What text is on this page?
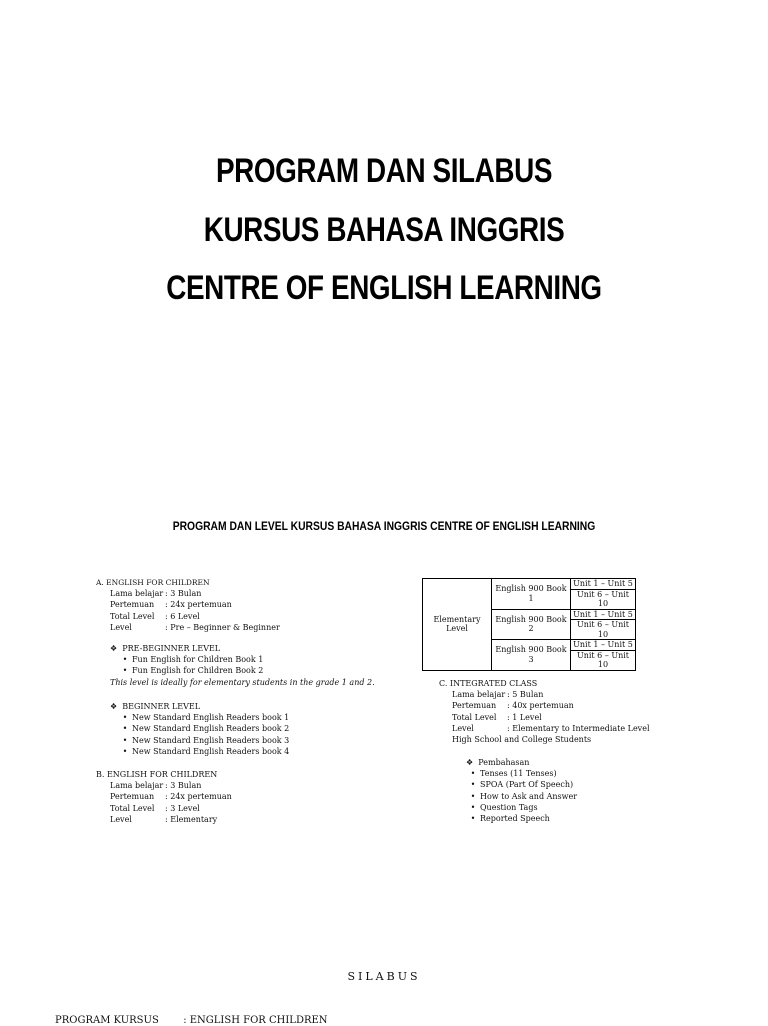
PROGRAM DAN SILABUS
KURSUS BAHASA INGGRIS
CENTRE OF ENGLISH LEARNING
PROGRAM DAN LEVEL KURSUS BAHASA INGGRIS CENTRE OF ENGLISH LEARNING
A. ENGLISH FOR CHILDREN
Lama belajar : 3 Bulan
Pertemuan	: 24x pertemuan
Total Level	: 6 Level
Level	: Pre – Beginner & Beginner
❖ PRE-BEGINNER LEVEL
• Fun English for Children Book 1
• Fun English for Children Book 2
This level is ideally for elementary students in the grade 1 and 2.
❖ BEGINNER LEVEL
• New Standard English Readers book 1
• New Standard English Readers book 2
• New Standard English Readers book 3
• New Standard English Readers book 4
B. ENGLISH FOR CHILDREN
Lama belajar : 3 Bulan
Pertemuan	: 24x pertemuan
Total Level	: 3 Level
Level	: Elementary
Elementary Level	English 900 Book 1	Unit 1 – Unit 5
		Unit 6 – Unit 10
	English 900 Book 2	Unit 1 – Unit 5
		Unit 6 – Unit 10
	English 900 Book 3	Unit 1 – Unit 5
		Unit 6 – Unit 10
C. INTEGRATED CLASS
Lama belajar : 5 Bulan
Pertemuan	: 40x pertemuan
Total Level	: 1 Level
Level	: Elementary to Intermediate Level
High School and College Students
❖ Pembahasan
• Tenses (11 Tenses)
• SPOA (Part Of Speech)
• How to Ask and Answer
• Question Tags
• Reported Speech
SILABUS
PROGRAM KURSUS : ENGLISH FOR CHILDREN
